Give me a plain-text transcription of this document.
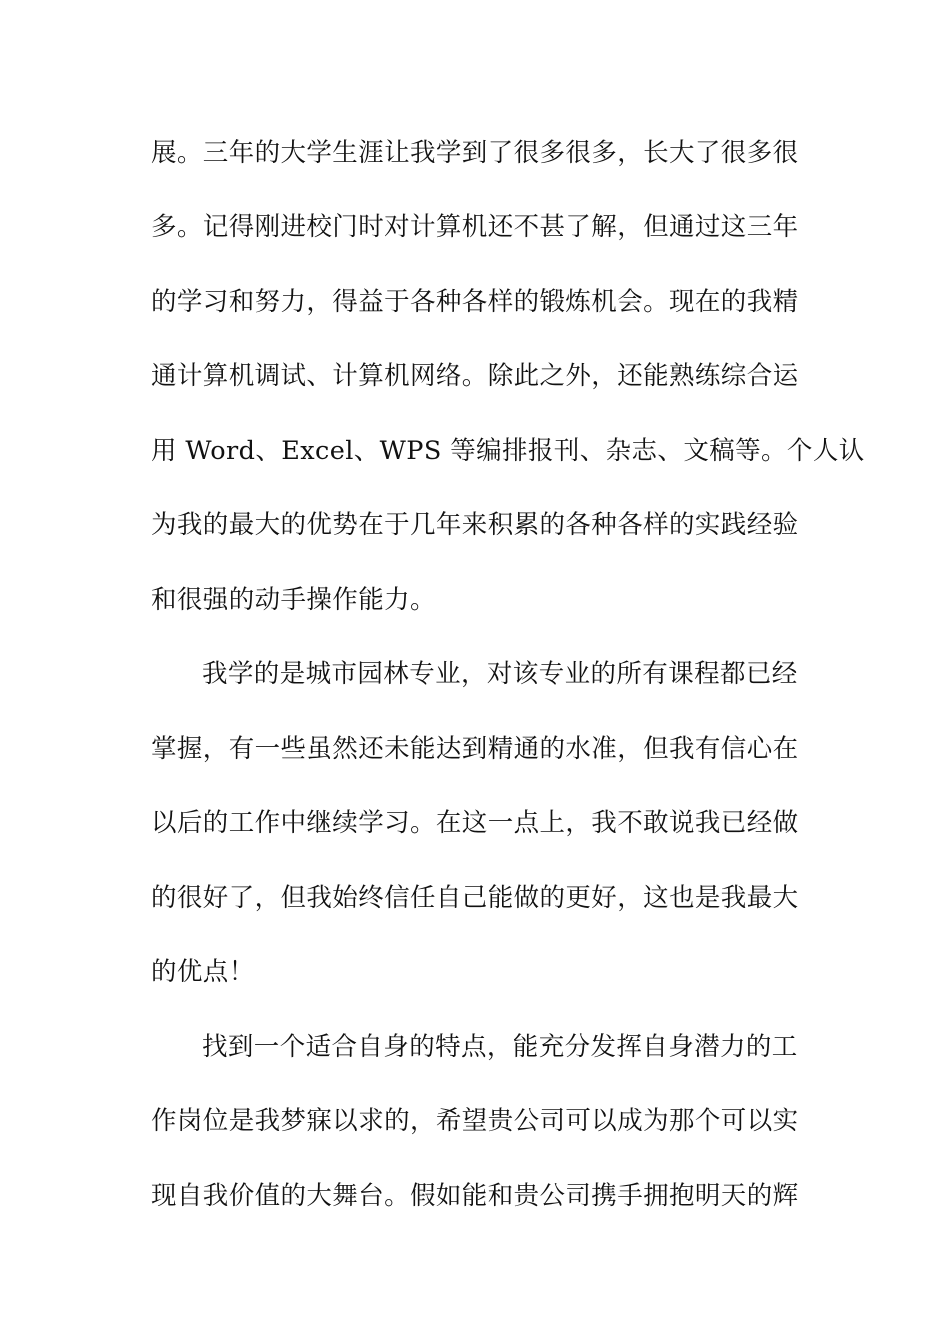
展。三年的大学生涯让我学到了很多很多，长大了很多很
多。记得刚进校门时对计算机还不甚了解，但通过这三年
的学习和努力，得益于各种各样的锻炼机会。现在的我精
通计算机调试、计算机网络。除此之外，还能熟练综合运
用 Word、Excel、WPS 等编排报刊、杂志、文稿等。个人认
为我的最大的优势在于几年来积累的各种各样的实践经验
和很强的动手操作能力。
我学的是城市园林专业，对该专业的所有课程都已经
掌握，有一些虽然还未能达到精通的水准，但我有信心在
以后的工作中继续学习。在这一点上，我不敢说我已经做
的很好了，但我始终信任自己能做的更好，这也是我最大
的优点！
找到一个适合自身的特点，能充分发挥自身潜力的工
作岗位是我梦寐以求的，希望贵公司可以成为那个可以实
现自我价值的大舞台。假如能和贵公司携手拥抱明天的辉
